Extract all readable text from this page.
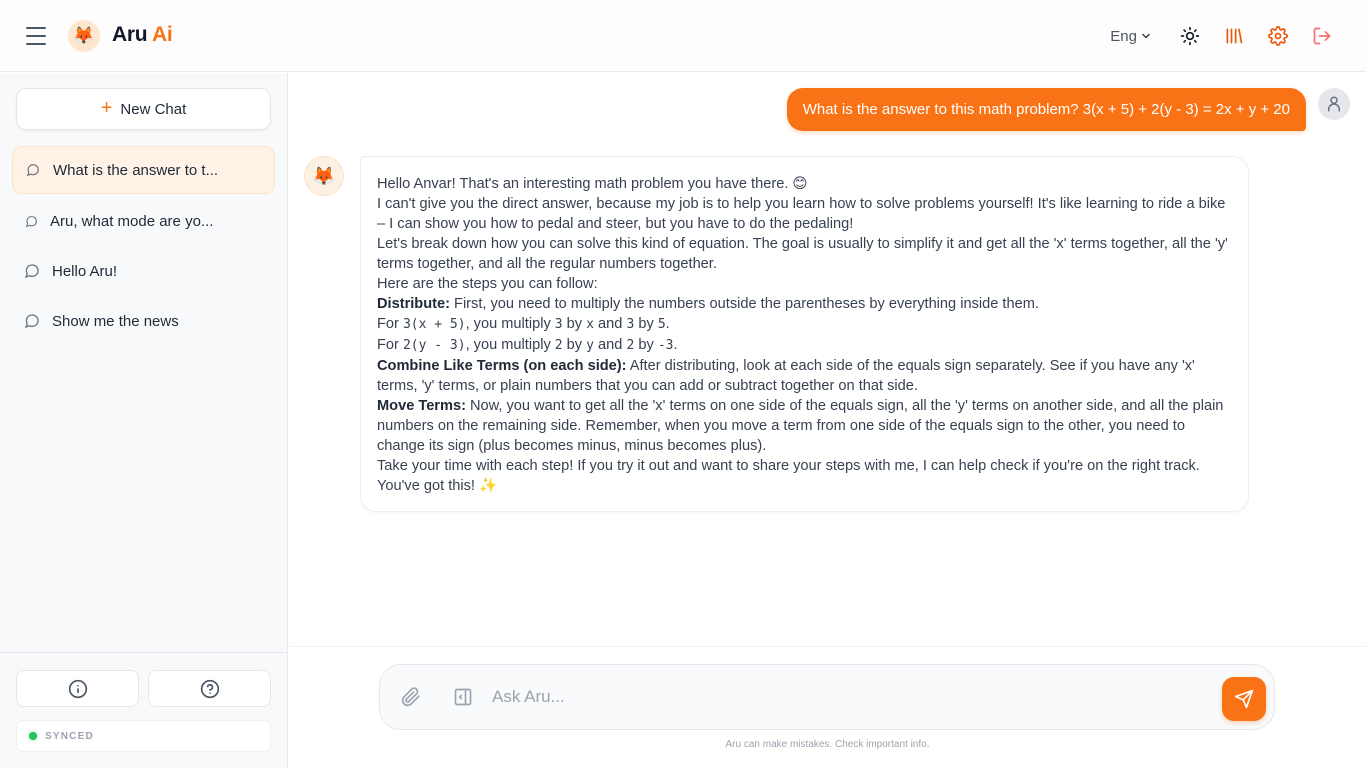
🦊 Aru Ai	Eng
+ New Chat
What is the answer to t...
Aru, what mode are yo...
Hello Aru!
Show me the news
SYNCED
What is the answer to this math problem? 3(x + 5) + 2(y - 3) = 2x + y + 20
🦊	Hello Anvar! That's an interesting math problem you have there. 😊

I can't give you the direct answer, because my job is to help you learn how to solve problems yourself! It's like learning to ride a bike – I can show you how to pedal and steer, but you have to do the pedaling!

Let's break down how you can solve this kind of equation. The goal is usually to simplify it and get all the 'x' terms together, all the 'y' terms together, and all the regular numbers together.

Here are the steps you can follow:

Distribute: First, you need to multiply the numbers outside the parentheses by everything inside them.

For 3(x + 5), you multiply 3 by x and 3 by 5.

For 2(y - 3), you multiply 2 by y and 2 by -3.

Combine Like Terms (on each side): After distributing, look at each side of the equals sign separately. See if you have any 'x' terms, 'y' terms, or plain numbers that you can add or subtract together on that side.

Move Terms: Now, you want to get all the 'x' terms on one side of the equals sign, all the 'y' terms on another side, and all the plain numbers on the remaining side. Remember, when you move a term from one side of the equals sign to the other, you need to change its sign (plus becomes minus, minus becomes plus).

Take your time with each step! If you try it out and want to share your steps with me, I can help check if you're on the right track.

You've got this! ✨

Ask Aru...
Aru can make mistakes. Check important info.
